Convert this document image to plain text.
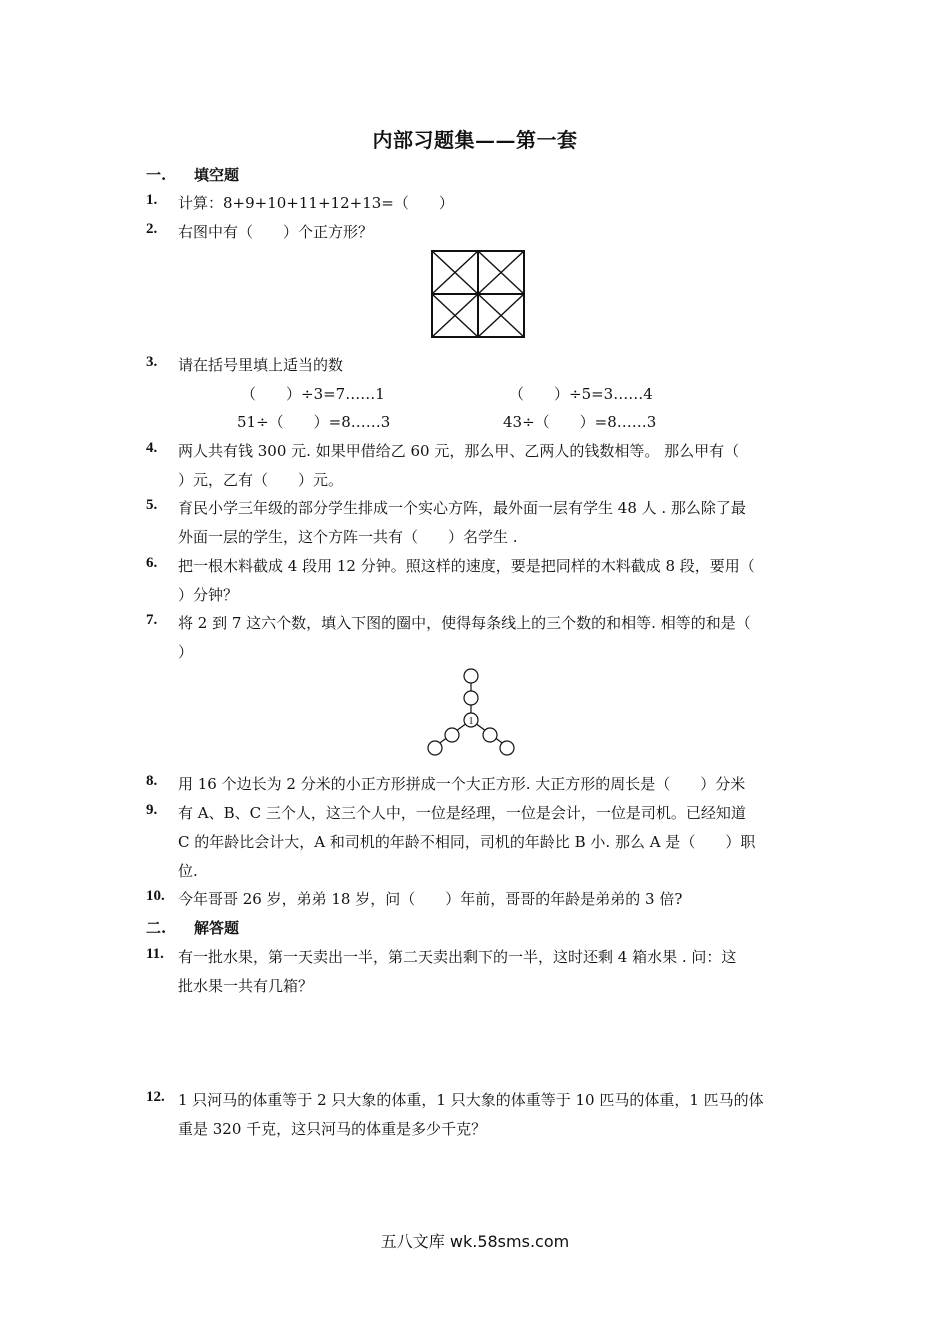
内部习题集——第一套
一. 填空题
1. 计算：8+9+10+11+12+13=（　　）
2. 右图中有（　　）个正方形？
3. 请在括号里填上适当的数
（　　）÷3=7……1	（　　）÷5=3……4
51÷（　　）=8……3	43÷（　　）=8……3
4. 两人共有钱 300 元. 如果甲借给乙 60 元，那么甲、乙两人的钱数相等。 那么甲有（
）元，乙有（　　）元。
5. 育民小学三年级的部分学生排成一个实心方阵，最外面一层有学生 48 人 . 那么除了最
外面一层的学生，这个方阵一共有（　　）名学生 .
6. 把一根木料截成 4 段用 12 分钟。照这样的速度，要是把同样的木料截成 8 段，要用（
）分钟？
7. 将 2 到 7 这六个数，填入下图的圈中，使得每条线上的三个数的和相等. 相等的和是（
）
1
8. 用 16 个边长为 2 分米的小正方形拼成一个大正方形. 大正方形的周长是（　　）分米
9. 有 A、B、C 三个人，这三个人中，一位是经理，一位是会计，一位是司机。已经知道
C 的年龄比会计大，A 和司机的年龄不相同，司机的年龄比 B 小. 那么 A 是（　　）职
位.
10. 今年哥哥 26 岁，弟弟 18 岁，问（　　）年前，哥哥的年龄是弟弟的 3 倍?
二. 解答题
11. 有一批水果，第一天卖出一半，第二天卖出剩下的一半，这时还剩 4 箱水果 . 问：这
批水果一共有几箱？
12. 1 只河马的体重等于 2 只大象的体重，1 只大象的体重等于 10 匹马的体重，1 匹马的体
重是 320 千克，这只河马的体重是多少千克？
五八文库 wk.58sms.com
